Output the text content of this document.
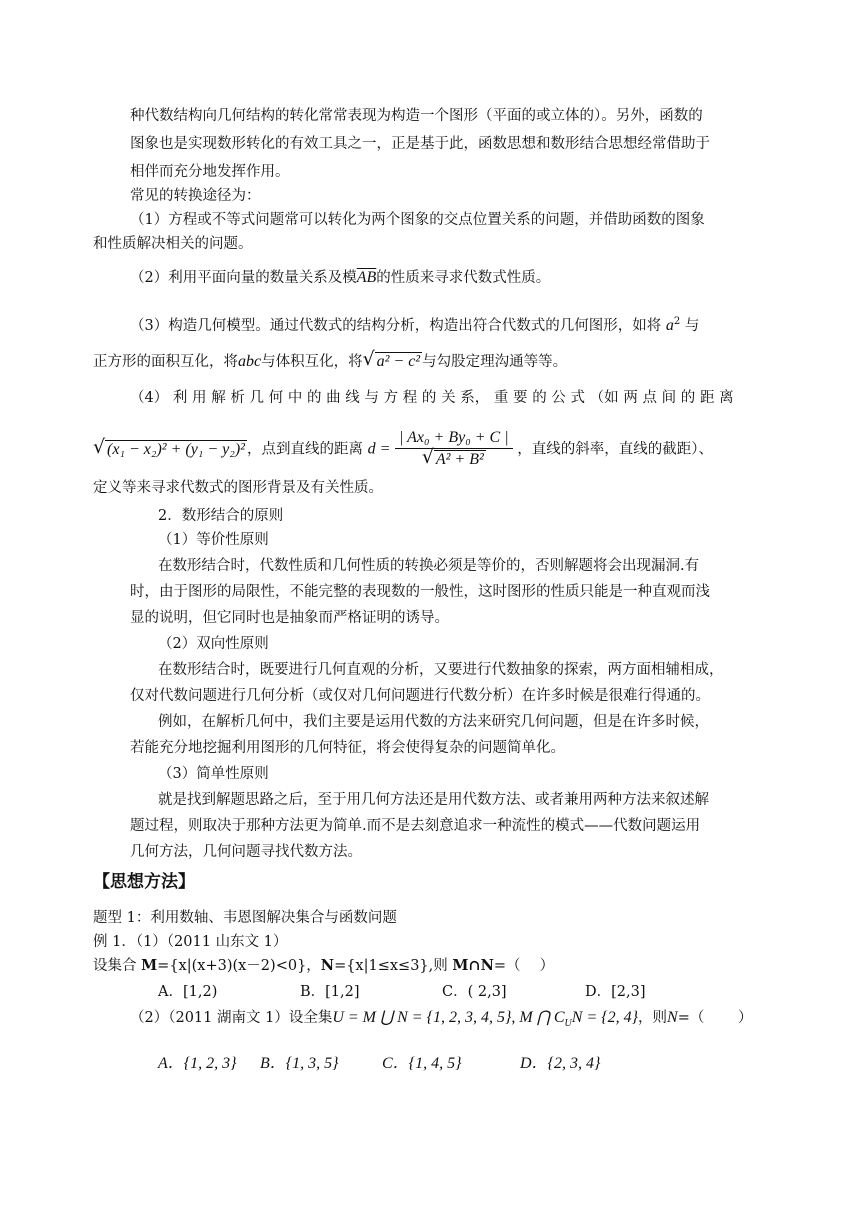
种代数结构向几何结构的转化常常表现为构造一个图形（平面的或立体的）。另外，函数的
图象也是实现数形转化的有效工具之一，正是基于此，函数思想和数形结合思想经常借助于
相伴而充分地发挥作用。
常见的转换途径为：
（1）方程或不等式问题常可以转化为两个图象的交点位置关系的问题，并借助函数的图象
和性质解决相关的问题。
（2）利用平面向量的数量关系及模$\overline{AB}$的性质来寻求代数式性质。
（3）构造几何模型。通过代数式的结构分析，构造出符合代数式的几何图形，如将 $a^2$ 与
正方形的面积互化，将abc与体积互化，将 √ a² − c² 与勾股定理沟通等等。
（4） 利 用 解 析 几 何 中 的 曲 线 与 方 程 的 关 系， 重 要 的 公 式 （如 两 点 间 的 距 离
√ (x₁ − x₂)² + (y₁ − y₂)² ，点到直线的距离 $d = \frac{\text{| Ax₀ + By₀ + C |}}{\text{√ A² + B²}}$ ，直线的斜率，直线的截距）、
定义等来寻求代数式的图形背景及有关性质。
2．数形结合的原则
（1）等价性原则
在数形结合时，代数性质和几何性质的转换必须是等价的，否则解题将会出现漏洞.有
时，由于图形的局限性，不能完整的表现数的一般性，这时图形的性质只能是一种直观而浅
显的说明，但它同时也是抽象而严格证明的诱导。
（2）双向性原则
在数形结合时，既要进行几何直观的分析，又要进行代数抽象的探索，两方面相辅相成，
仅对代数问题进行几何分析（或仅对几何问题进行代数分析）在许多时候是很难行得通的。
例如，在解析几何中，我们主要是运用代数的方法来研究几何问题，但是在许多时候，
若能充分地挖掘利用图形的几何特征，将会使得复杂的问题简单化。
（3）简单性原则
就是找到解题思路之后，至于用几何方法还是用代数方法、或者兼用两种方法来叙述解
题过程，则取决于那种方法更为简单.而不是去刻意追求一种流性的模式——代数问题运用
几何方法，几何问题寻找代数方法。
【思想方法】
题型 1：利用数轴、韦恩图解决集合与函数问题
例 1．（1）（2011 山东文 1）
设集合 M={x|(x+3)(x－2)<0}，N={x|1≤x≤3},则 M∩N=（　 ）
A．[1,2)	B．[1,2]	C．( 2,3]	D．[2,3]
（2）（2011 湖南文 1）设全集U = M ⋃ N = {1, 2, 3, 4, 5}, M ⋂ $C_UN = \{2$, 4}，则N=（　　 ）
A．{1, 2, 3} B．{1, 3, 5}	C．{1, 4, 5}	D．{2, 3, 4}
